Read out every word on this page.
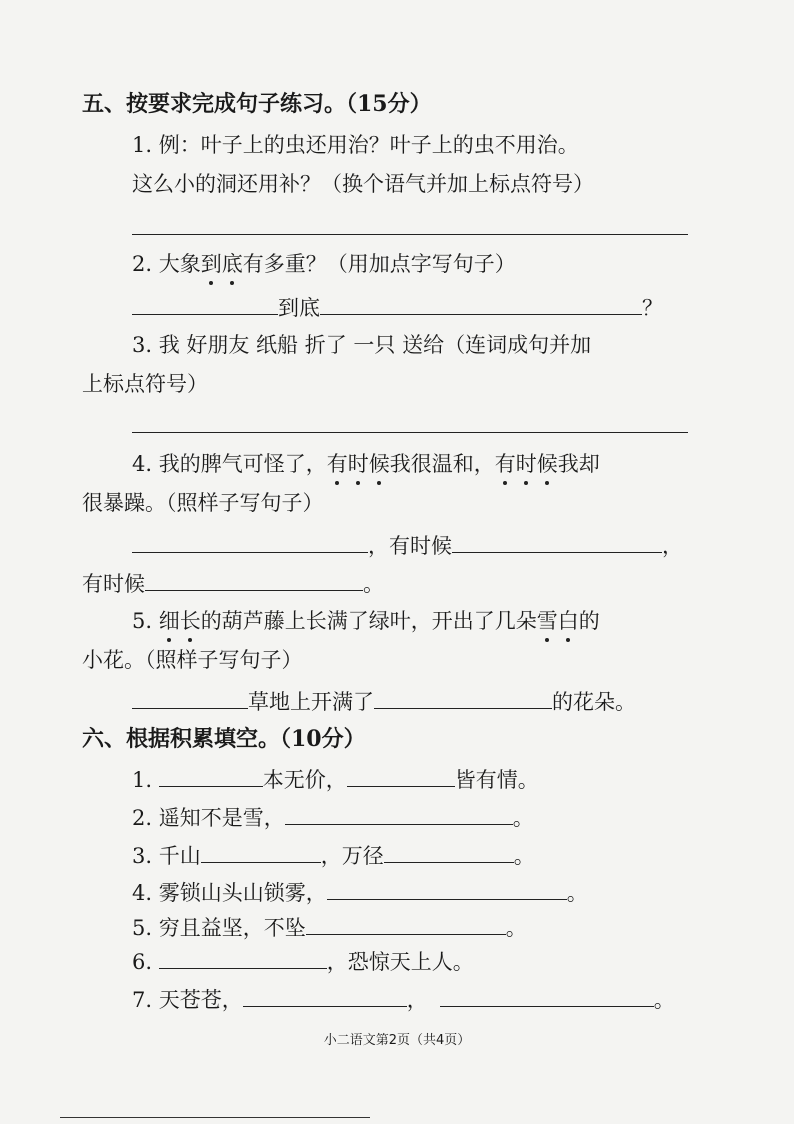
五、按要求完成句子练习。（15分）
1. 例：叶子上的虫还用治？叶子上的虫不用治。
这么小的洞还用补？（换个语气并加上标点符号）
2. 大象到底有多重？（用加点字写句子）
到底	？
3. 我 好朋友 纸船 折了 一只 送给（连词成句并加
上标点符号）
4. 我的脾气可怪了，有时候我很温和，有时候我却
很暴躁。（照样子写句子）
，有时候	，
有时候	。
5. 细长的葫芦藤上长满了绿叶，开出了几朵雪白的
小花。（照样子写句子）
草地上开满了	的花朵。
六、根据积累填空。（10分）
1.	本无价，	皆有情。
2. 遥知不是雪，	。
3. 千山	，万径	。
4. 雾锁山头山锁雾，	。
5. 穷且益坚，不坠	。
6.	，恐惊天上人。
7. 天苍苍，	，	。
小二语文第2页（共4页）
